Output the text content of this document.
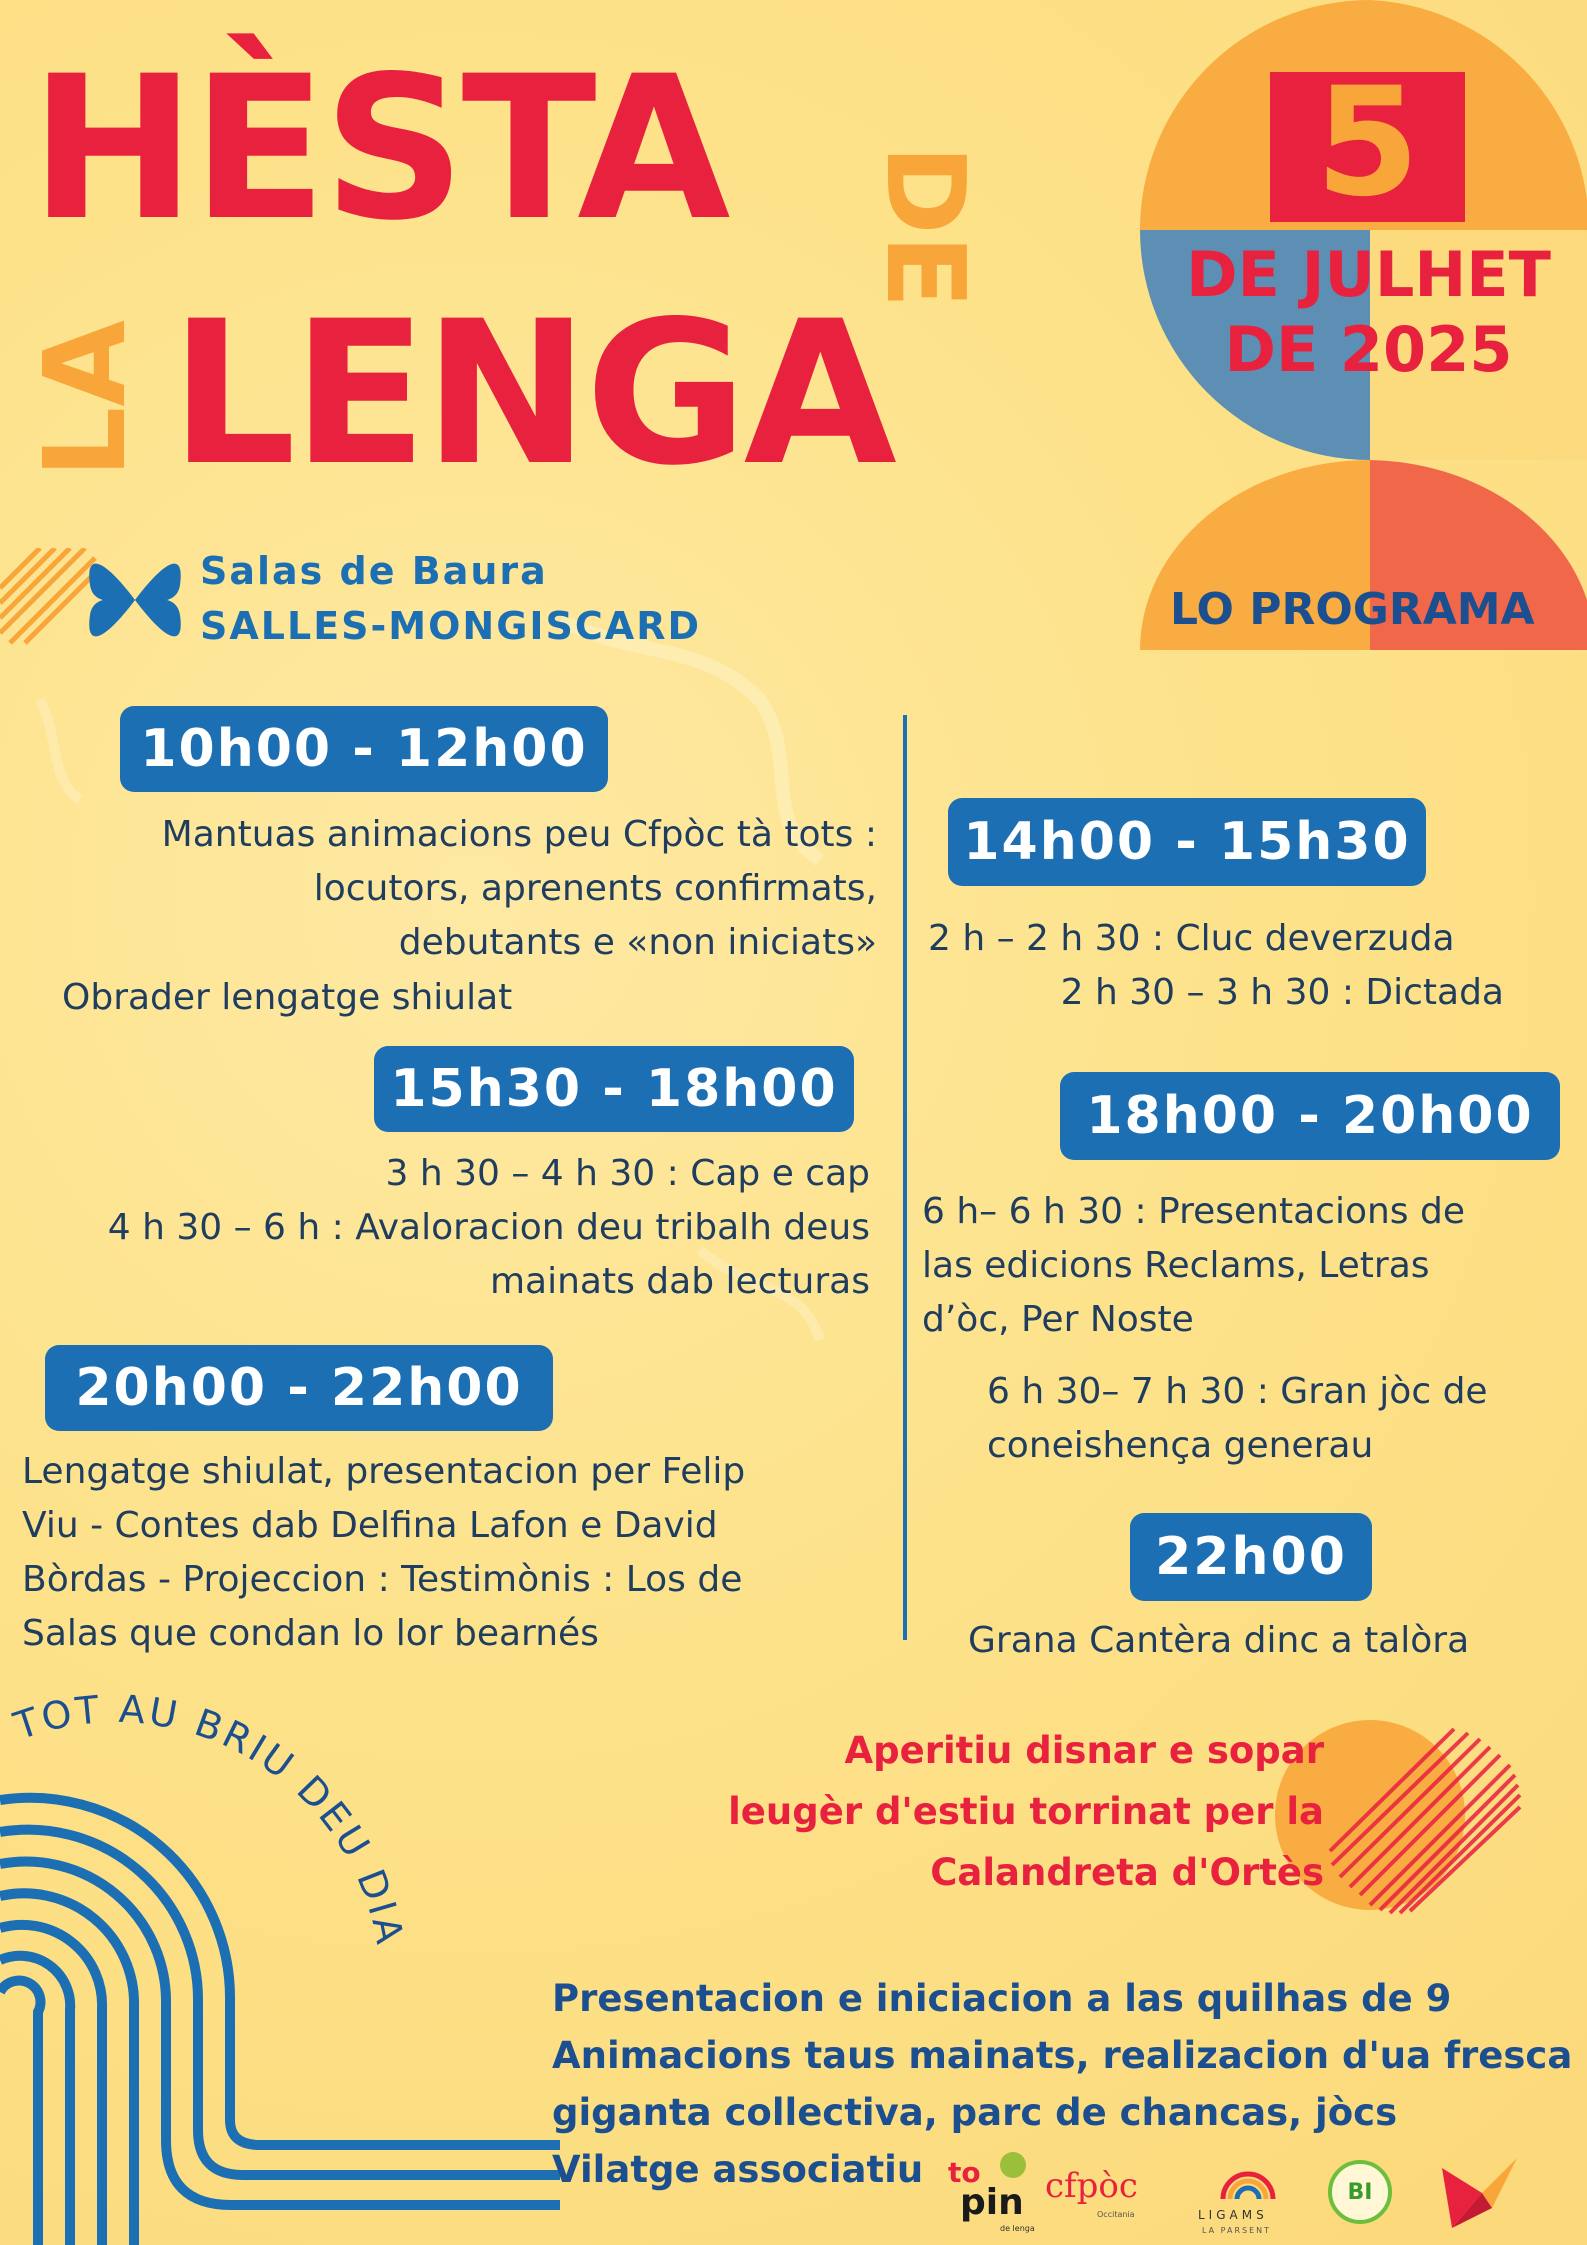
HÈSTA DE
LA LENGA
5
DE JULHET
DE 2025
LO PROGRAMA
Salas de Baura
SALLES-MONGISCARD
10h00 - 12h00
Mantuas animacions peu Cfpòc tà tots :
locutors, aprenents confirmats,
debutants e «non iniciats»
Obrader lengatge shiulat
15h30 - 18h00
3 h 30 – 4 h 30 : Cap e cap
4 h 30 – 6 h : Avaloracion deu tribalh deus
mainats dab lecturas
20h00 - 22h00
Lengatge shiulat, presentacion per Felip
Viu - Contes dab Delfina Lafon e David
Bòrdas - Projeccion : Testimònis : Los de
Salas que condan lo lor bearnés
14h00 - 15h30
2 h – 2 h 30 : Cluc deverzuda
2 h 30 – 3 h 30 : Dictada
18h00 - 20h00
6 h– 6 h 30 : Presentacions de
las edicions Reclams, Letras
d’òc, Per Noste
6 h 30– 7 h 30 : Gran jòc de
coneishença generau
22h00
Grana Cantèra dinc a talòra
Aperitiu disnar e sopar
leugèr d'estiu torrinat per la
Calandreta d'Ortès
TOT AU BRIU DEU DIA
Presentacion e iniciacion a las quilhas de 9
Animacions taus mainats, realizacion d'ua fresca
giganta collectiva, parc de chancas, jòcs
Vilatge associatiu to
pin
de lenga
cfpòc
Occitania	LIGAMS
LA PARSENT
BI
